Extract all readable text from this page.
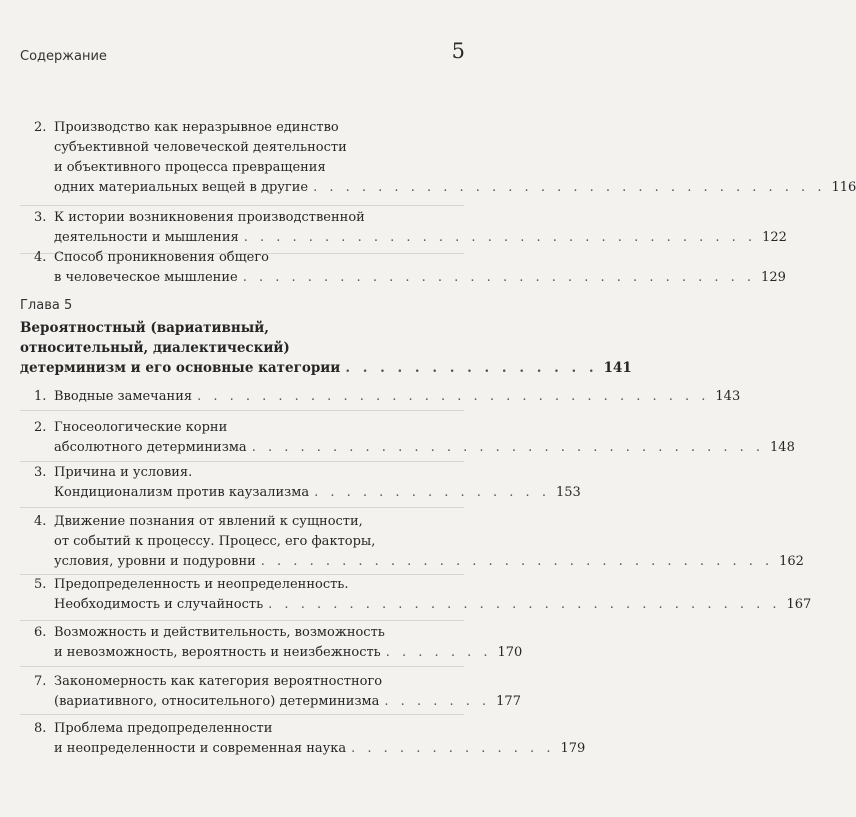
Содержание	5
2. Производство как неразрывное единство
субъективной человеческой деятельности
и объективного процесса превращения
одних материальных вещей в другие . . . . . . . . . . . . . . . . . . . . . . . . . . . . . . . . 116
3. К истории возникновения производственной
деятельности и мышления . . . . . . . . . . . . . . . . . . . . . . . . . . . . . . . . 122
4. Способ проникновения общего
в человеческое мышление . . . . . . . . . . . . . . . . . . . . . . . . . . . . . . . . 129
Глава 5
Вероятностный (вариативный,
относительный, диалектический)
детерминизм и его основные категории . . . . . . . . . . . . . . . 141
1. Вводные замечания . . . . . . . . . . . . . . . . . . . . . . . . . . . . . . . . 143
2. Гносеологические корни
абсолютного детерминизма . . . . . . . . . . . . . . . . . . . . . . . . . . . . . . . . 148
3. Причина и условия.
Кондиционализм против каузализма . . . . . . . . . . . . . . . 153
4. Движение познания от явлений к сущности,
от событий к процессу. Процесс, его факторы,
условия, уровни и подуровни . . . . . . . . . . . . . . . . . . . . . . . . . . . . . . . . 162
5. Предопределенность и неопределенность.
Необходимость и случайность . . . . . . . . . . . . . . . . . . . . . . . . . . . . . . . . 167
6. Возможность и действительность, возможность
и невозможность, вероятность и неизбежность . . . . . . . 170
7. Закономерность как категория вероятностного
(вариативного, относительного) детерминизма . . . . . . . 177
8. Проблема предопределенности
и неопределенности и современная наука . . . . . . . . . . . . . 179
